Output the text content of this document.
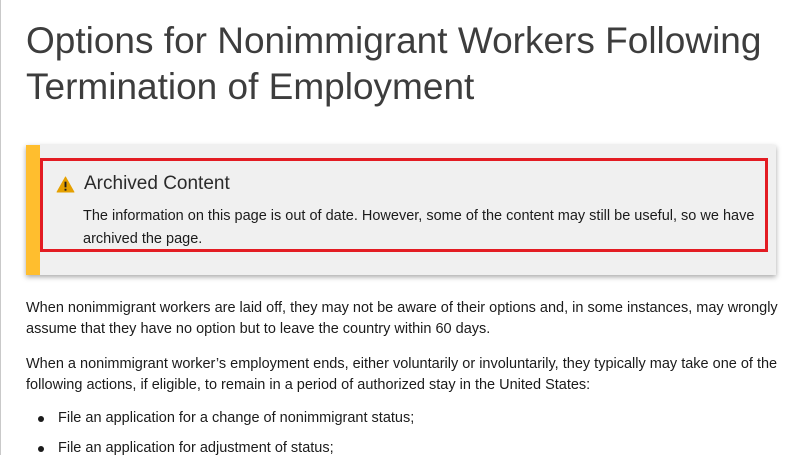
Options for Nonimmigrant Workers Following Termination of Employment
Archived Content

The information on this page is out of date. However, some of the content may still be useful, so we have archived the page.

When nonimmigrant workers are laid off, they may not be aware of their options and, in some instances, may wrongly assume that they have no option but to leave the country within 60 days.

When a nonimmigrant worker’s employment ends, either voluntarily or involuntarily, they typically may take one of the following actions, if eligible, to remain in a period of authorized stay in the United States:

File an application for a change of nonimmigrant status;
File an application for adjustment of status;
